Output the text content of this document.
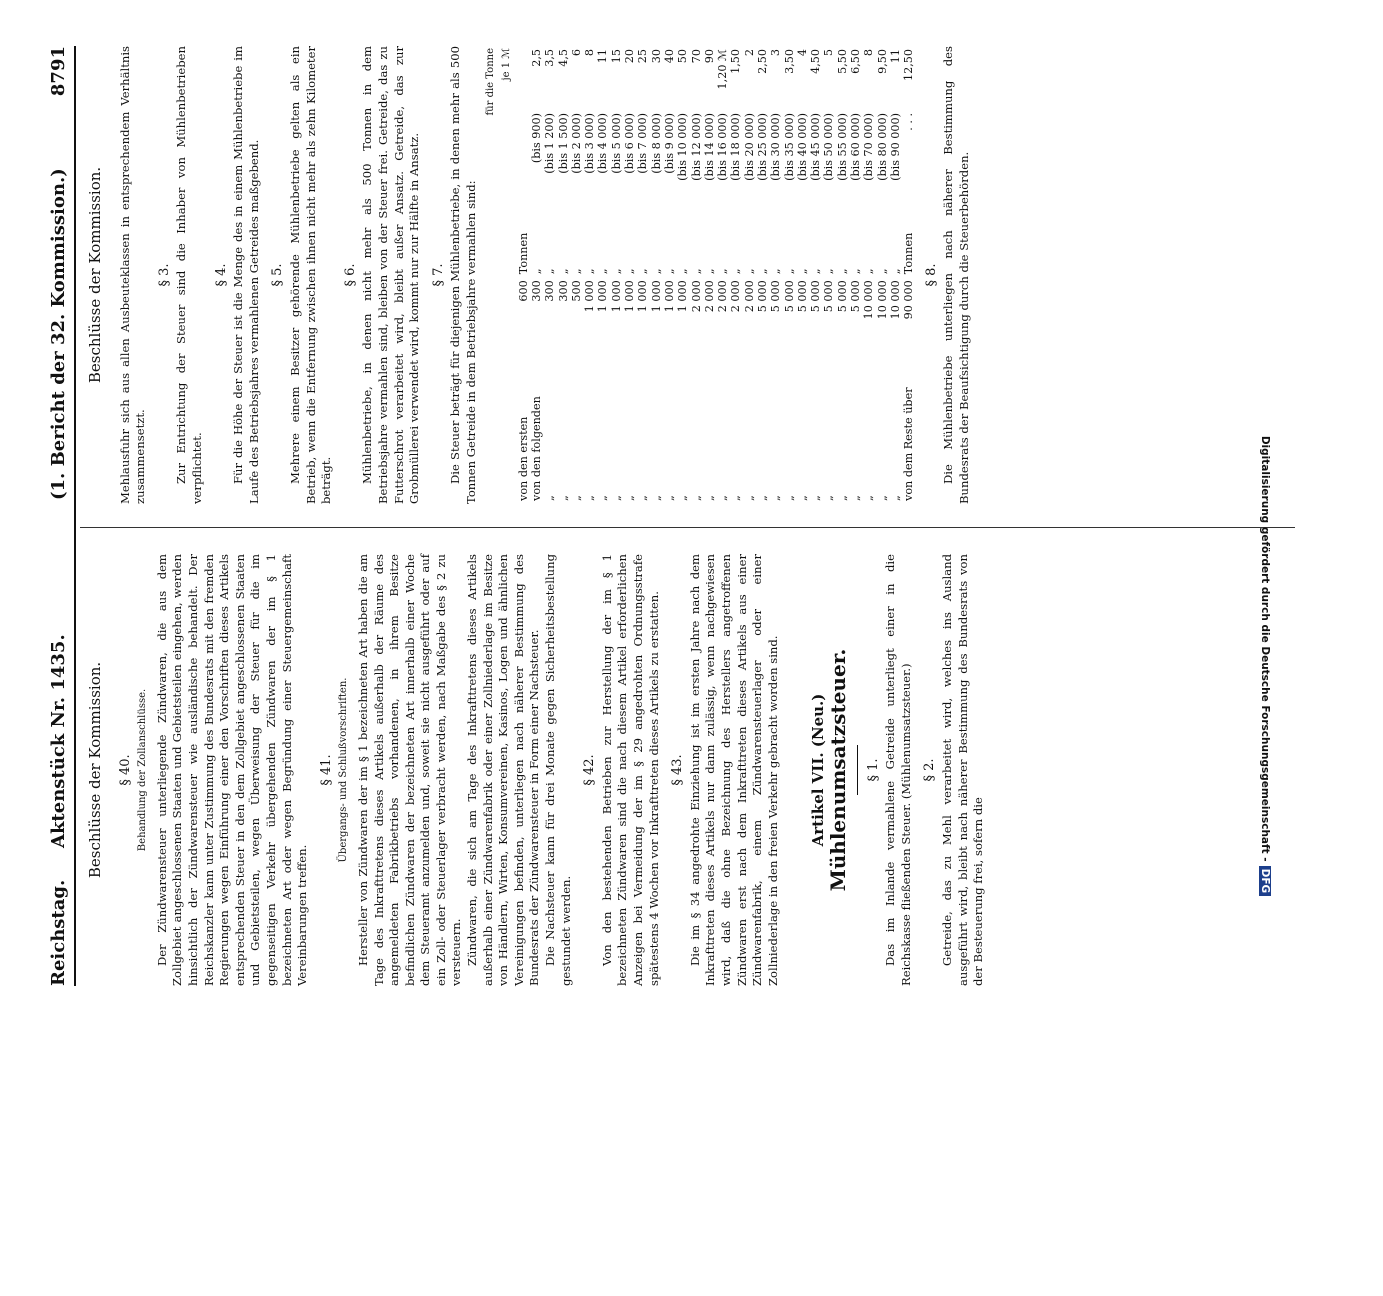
Reichstag.
Aktenstück Nr. 1435.
(1. Bericht der 32. Kommission.)
8791
Beschlüsse der Kommission. § 40. Behandlung der Zollanschlüsse. Der Zündwarensteuer unterliegende Zündwaren, die aus dem Zollgebiet angeschlossenen Staaten und Gebietsteilen eingehen, werden hinsichtlich der Zündwarensteuer wie ausländische behandelt. Der Reichskanzler kann unter Zustimmung des Bundesrats mit den fremden Regierungen wegen Einführung einer den Vorschriften dieses Artikels entsprechenden Steuer in den dem Zollgebiet angeschlossenen Staaten und Gebietsteilen, wegen Überweisung der Steuer für die im gegenseitigen Verkehr übergehenden Zündwaren der im § 1 bezeichneten Art oder wegen Begründung einer Steuergemeinschaft Vereinbarungen treffen.

§ 41. Übergangs- und Schlußvorschriften. Hersteller von Zündwaren der im § 1 bezeichneten Art haben die am Tage des Inkrafttretens dieses Artikels außerhalb der Räume des angemeldeten Fabrikbetriebs vorhandenen, in ihrem Besitze befindlichen Zündwaren der bezeichneten Art innerhalb einer Woche dem Steueramt anzumelden und, soweit sie nicht ausgeführt oder auf ein Zoll- oder Steuerlager verbracht werden, nach Maßgabe des § 2 zu versteuern. Zündwaren, die sich am Tage des Inkrafttretens dieses Artikels außerhalb einer Zündwarenfabrik oder einer Zollniederlage im Besitze von Händlern, Wirten, Konsumvereinen, Kasinos, Logen und ähnlichen Vereinigungen befinden, unterliegen nach näherer Bestimmung des Bundesrats der Zündwarensteuer in Form einer Nachsteuer. Die Nachsteuer kann für drei Monate gegen Sicherheitsbestellung gestundet werden.

§ 42. Von den bestehenden Betrieben zur Herstellung der im § 1 bezeichneten Zündwaren sind die nach diesem Artikel erforderlichen Anzeigen bei Vermeidung der im § 29 angedrohten Ordnungsstrafe spätestens 4 Wochen vor Inkrafttreten dieses Artikels zu erstatten. § 43. Die im § 34 angedrohte Einziehung ist im ersten Jahre nach dem Inkrafttreten dieses Artikels nur dann zulässig, wenn nachgewiesen wird, daß die ohne Bezeichnung des Herstellers angetroffenen Zündwaren erst nach dem Inkrafttreten dieses Artikels aus einer Zündwarenfabrik, einem Zündwarensteuerlager oder einer Zollniederlage in den freien Verkehr gebracht worden sind. Artikel VII. (Neu.)
Mühlenumsatzsteuer. § 1. Das im Inlande vermahlene Getreide unterliegt einer in die Reichskasse fließenden Steuer. (Mühlenumsatzsteuer.) § 2. Getreide, das zu Mehl verarbeitet wird, welches ins Ausland ausgeführt wird, bleibt nach näherer Bestimmung des Bundesrats von der Besteuerung frei, sofern die

Beschlüsse der Kommission. Mehlausfuhr sich aus allen Ausbeuteklassen in entsprechendem Verhältnis zusammensetzt.

§ 3. Zur Entrichtung der Steuer sind die Inhaber von Mühlenbetrieben verpflichtet.

§ 4. Für die Höhe der Steuer ist die Menge des in einem Mühlenbetriebe im Laufe des Betriebsjahres vermahlenen Getreides maßgebend. § 5. Mehrere einem Besitzer gehörende Mühlenbetriebe gelten als ein Betrieb, wenn die Entfernung zwischen ihnen nicht mehr als zehn Kilometer beträgt.

§ 6. Mühlenbetriebe, in denen nicht mehr als 500 Tonnen in dem Betriebsjahre vermahlen sind, bleiben von der Steuer frei. Getreide, das zu Futterschrot verarbeitet wird, bleibt außer Ansatz. Getreide, das zur Grobmüllerei verwendet wird, kommt nur zur Hälfte in Ansatz. § 7. Die Steuer beträgt für diejenigen Mühlenbetriebe, in denen mehr als 500 Tonnen Getreide in dem Betriebsjahre vermahlen sind:

für die Tonne je 1 ℳ
von den ersten	600	Tonnen		
von den folgenden	300	„	(bis 900)	2,5
„	300	„	(bis 1 200)	3,5
„	300	„	(bis 1 500)	4,5
„	500	„	(bis 2 000)	6
„	1 000	„	(bis 3 000)	8
„	1 000	„	(bis 4 000)	11
„	1 000	„	(bis 5 000)	15
„	1 000	„	(bis 6 000)	20
„	1 000	„	(bis 7 000)	25
„	1 000	„	(bis 8 000)	30
„	1 000	„	(bis 9 000)	40
„	1 000	„	(bis 10 000)	50
„	2 000	„	(bis 12 000)	70
„	2 000	„	(bis 14 000)	90
„	2 000	„	(bis 16 000)	1,20 ℳ
„	2 000	„	(bis 18 000)	1,50
„	2 000	„	(bis 20 000)	2
„	5 000	„	(bis 25 000)	2,50
„	5 000	„	(bis 30 000)	3
„	5 000	„	(bis 35 000)	3,50
„	5 000	„	(bis 40 000)	4
„	5 000	„	(bis 45 000)	4,50
„	5 000	„	(bis 50 000)	5
„	5 000	„	(bis 55 000)	5,50
„	5 000	„	(bis 60 000)	6,50
„	10 000	„	(bis 70 000)	8
„	10 000	„	(bis 80 000)	9,50
„	10 000	„	(bis 90 000)	11
von dem Reste über	90 000	Tonnen	. . .	12,50
§ 8. Die Mühlenbetriebe unterliegen nach näherer Bestimmung des Bundesrats der Beaufsichtigung durch die Steuerbehörden.

Digitalisierung gefördert durch die Deutsche Forschungsgemeinschaft -DFG
